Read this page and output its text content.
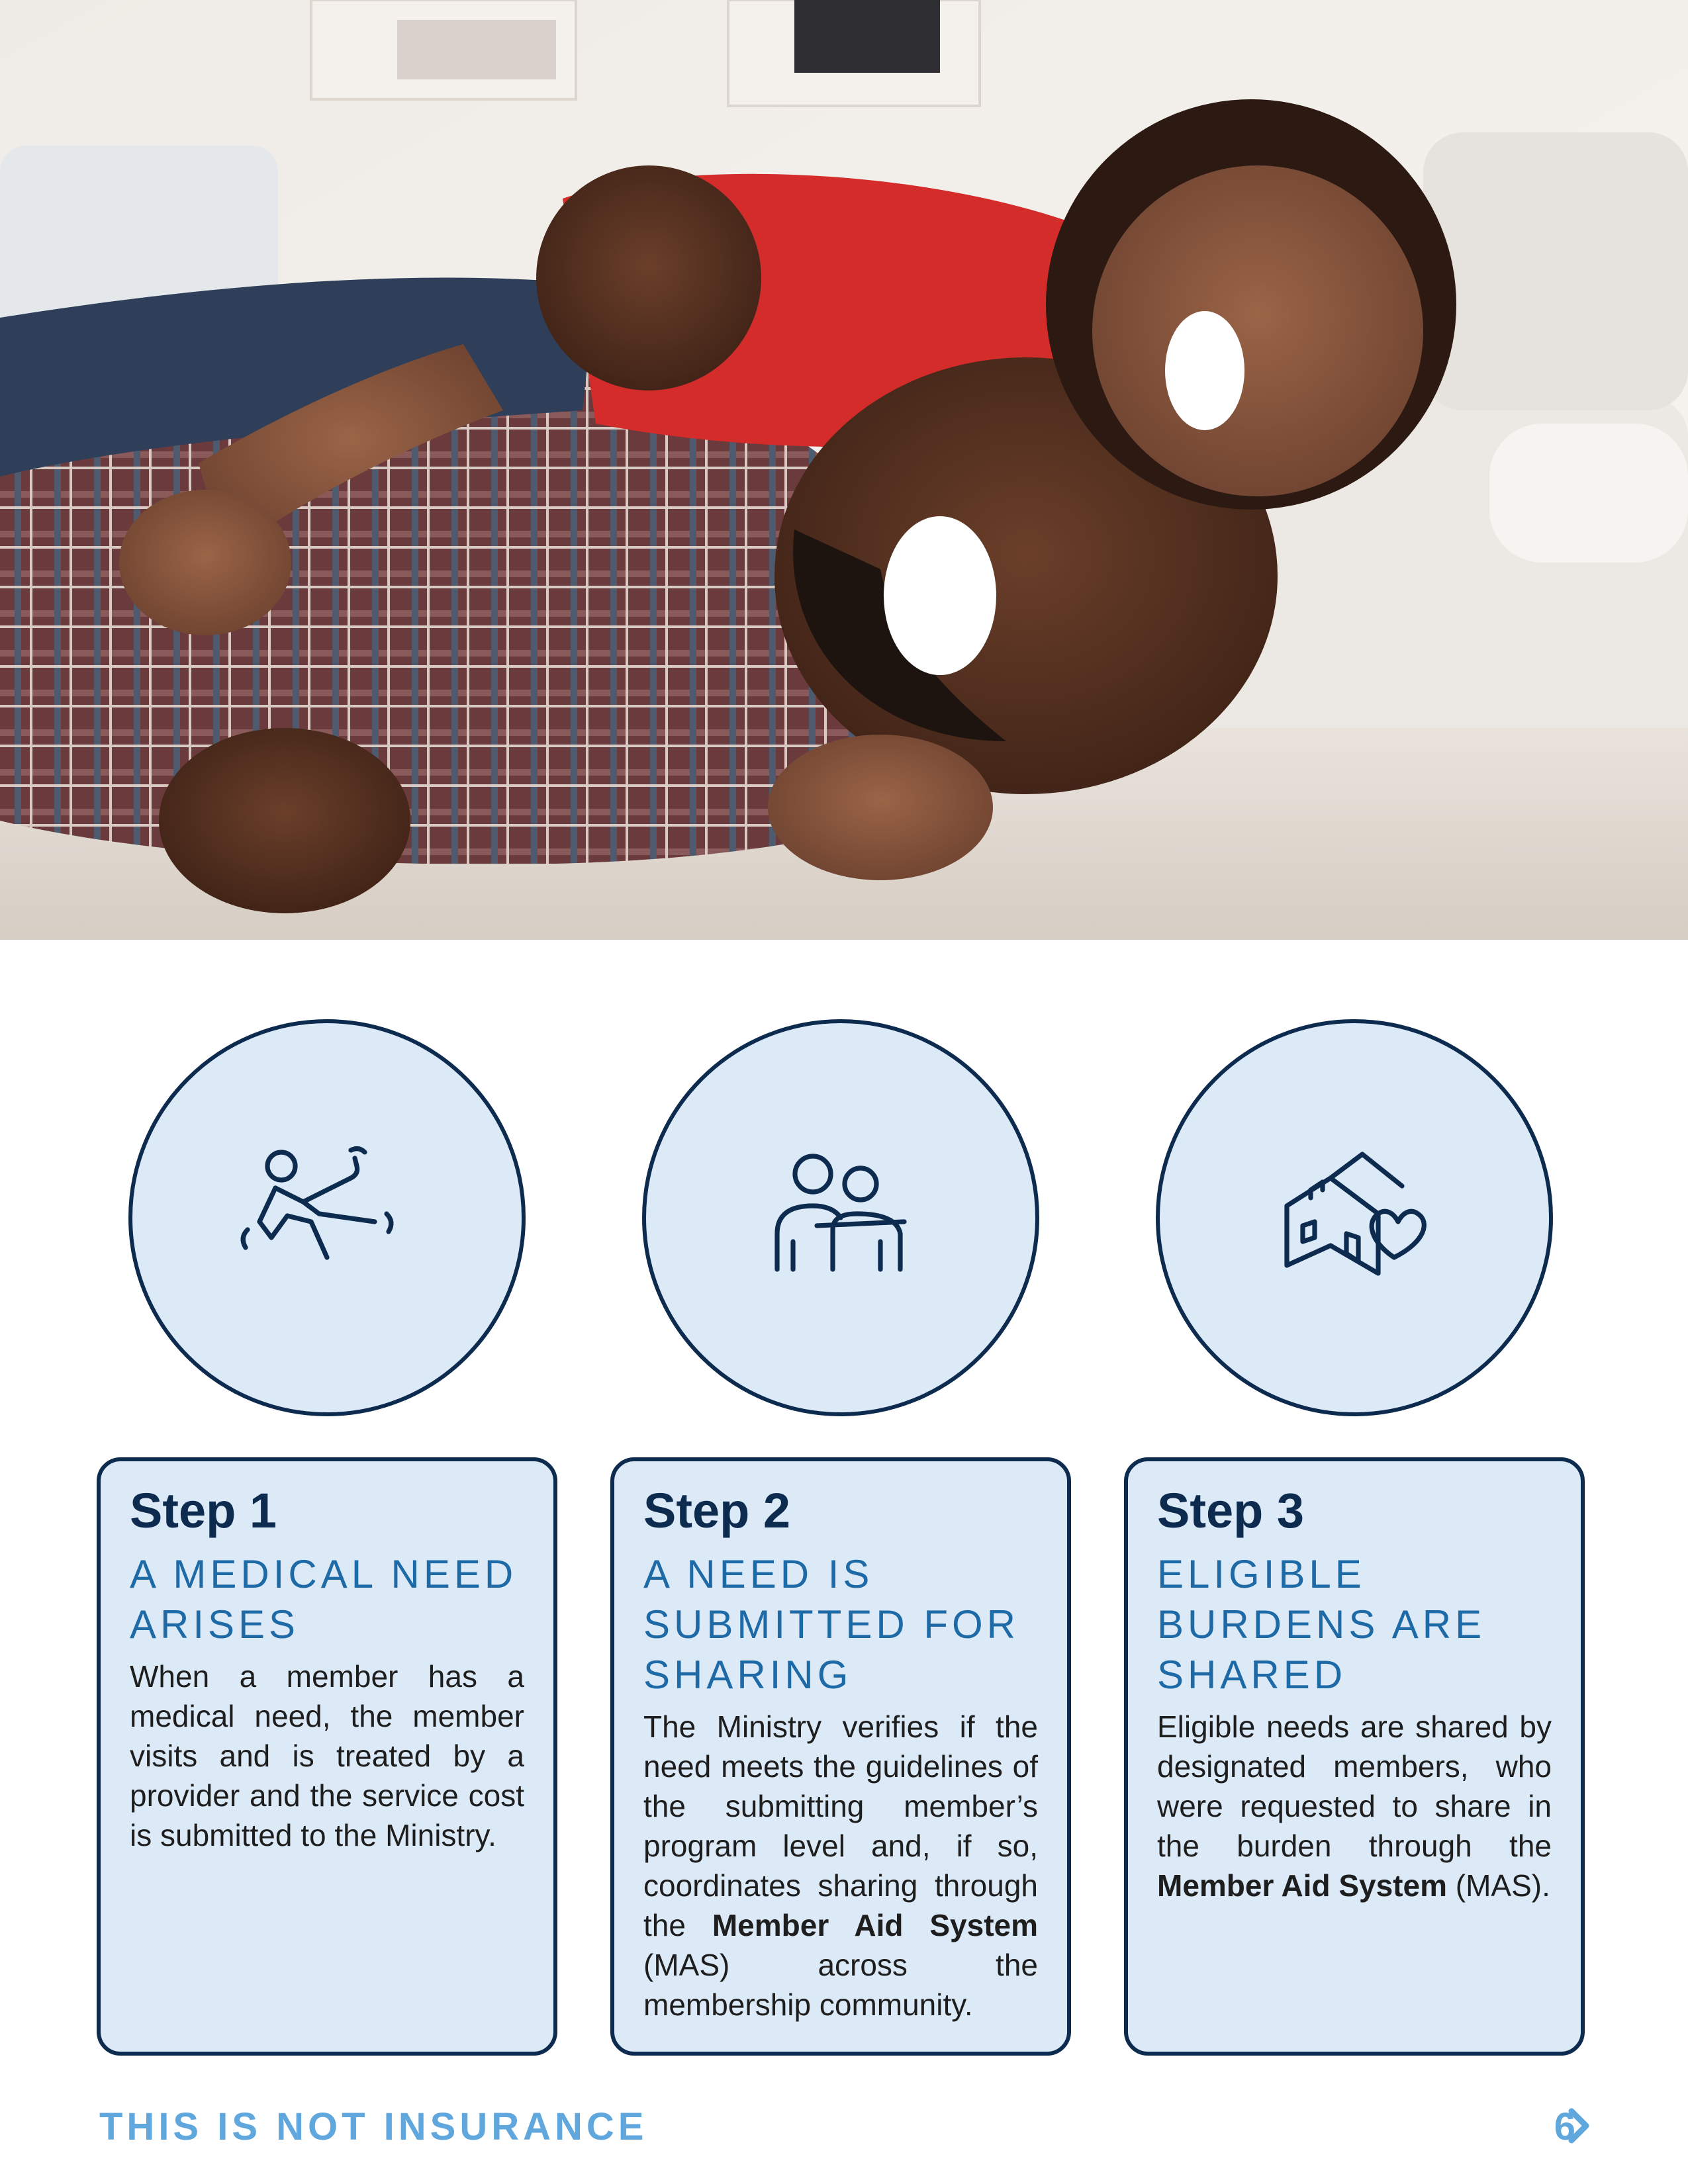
Step 1
A MEDICAL NEED ARISES

When a member has a medical need, the member visits and is treated by a provider and the service cost is submitted to the Ministry.

Step 2
A NEED IS SUBMITTED FOR SHARING

The Ministry verifies if the need meets the guidelines of the submitting member’s program level and, if so, coordinates sharing through the Member Aid System (MAS) across the membership community.

Step 3
ELIGIBLE BURDENS ARE SHARED

Eligible needs are shared by designated members, who were requested to share in the burden through the Member Aid System (MAS).

THIS IS NOT INSURANCE	6
